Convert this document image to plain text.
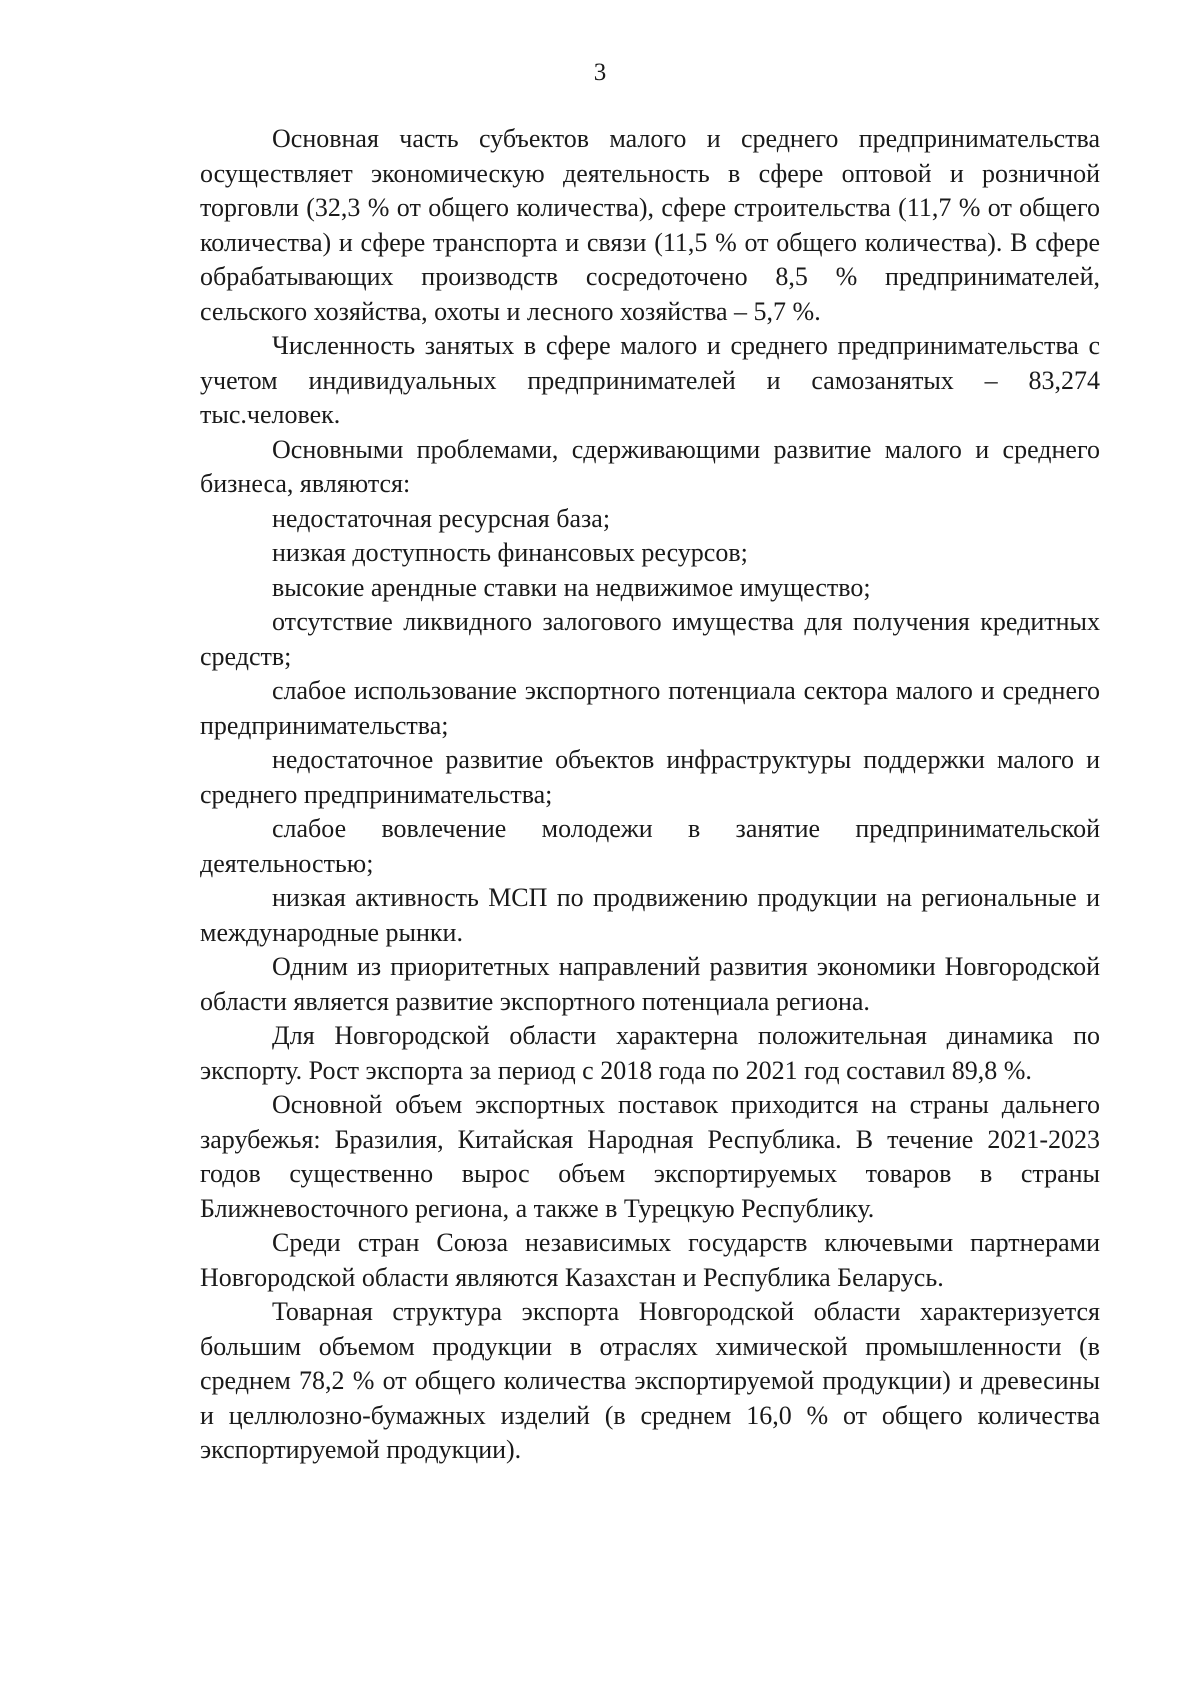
3

Основная часть субъектов малого и среднего предпринимательства осуществляет экономическую деятельность в сфере оптовой и розничной торговли (32,3 % от общего количества), сфере строительства (11,7 % от общего количества) и сфере транспорта и связи (11,5 % от общего количества). В сфере обрабатывающих производств сосредоточено 8,5 % предпринимателей, сельского хозяйства, охоты и лесного хозяйства – 5,7 %.

Численность занятых в сфере малого и среднего предпринимательства с учетом индивидуальных предпринимателей и самозанятых – 83,274 тыс.человек.

Основными проблемами, сдерживающими развитие малого и среднего бизнеса, являются:

недостаточная ресурсная база;

низкая доступность финансовых ресурсов;

высокие арендные ставки на недвижимое имущество;

отсутствие ликвидного залогового имущества для получения кредитных средств;

слабое использование экспортного потенциала сектора малого и среднего предпринимательства;

недостаточное развитие объектов инфраструктуры поддержки малого и среднего предпринимательства;

слабое вовлечение молодежи в занятие предпринимательской деятельностью;

низкая активность МСП по продвижению продукции на региональные и международные рынки.

Одним из приоритетных направлений развития экономики Новгородской области является развитие экспортного потенциала региона.

Для Новгородской области характерна положительная динамика по экспорту. Рост экспорта за период с 2018 года по 2021 год составил 89,8 %.

Основной объем экспортных поставок приходится на страны дальнего зарубежья: Бразилия, Китайская Народная Республика. В течение 2021-2023 годов существенно вырос объем экспортируемых товаров в страны Ближневосточного региона, а также в Турецкую Республику.

Среди стран Союза независимых государств ключевыми партнерами Новгородской области являются Казахстан и Республика Беларусь.

Товарная структура экспорта Новгородской области характеризуется большим объемом продукции в отраслях химической промышленности (в среднем 78,2 % от общего количества экспортируемой продукции) и древесины и целлюлозно-бумажных изделий (в среднем 16,0 % от общего количества экспортируемой продукции).
